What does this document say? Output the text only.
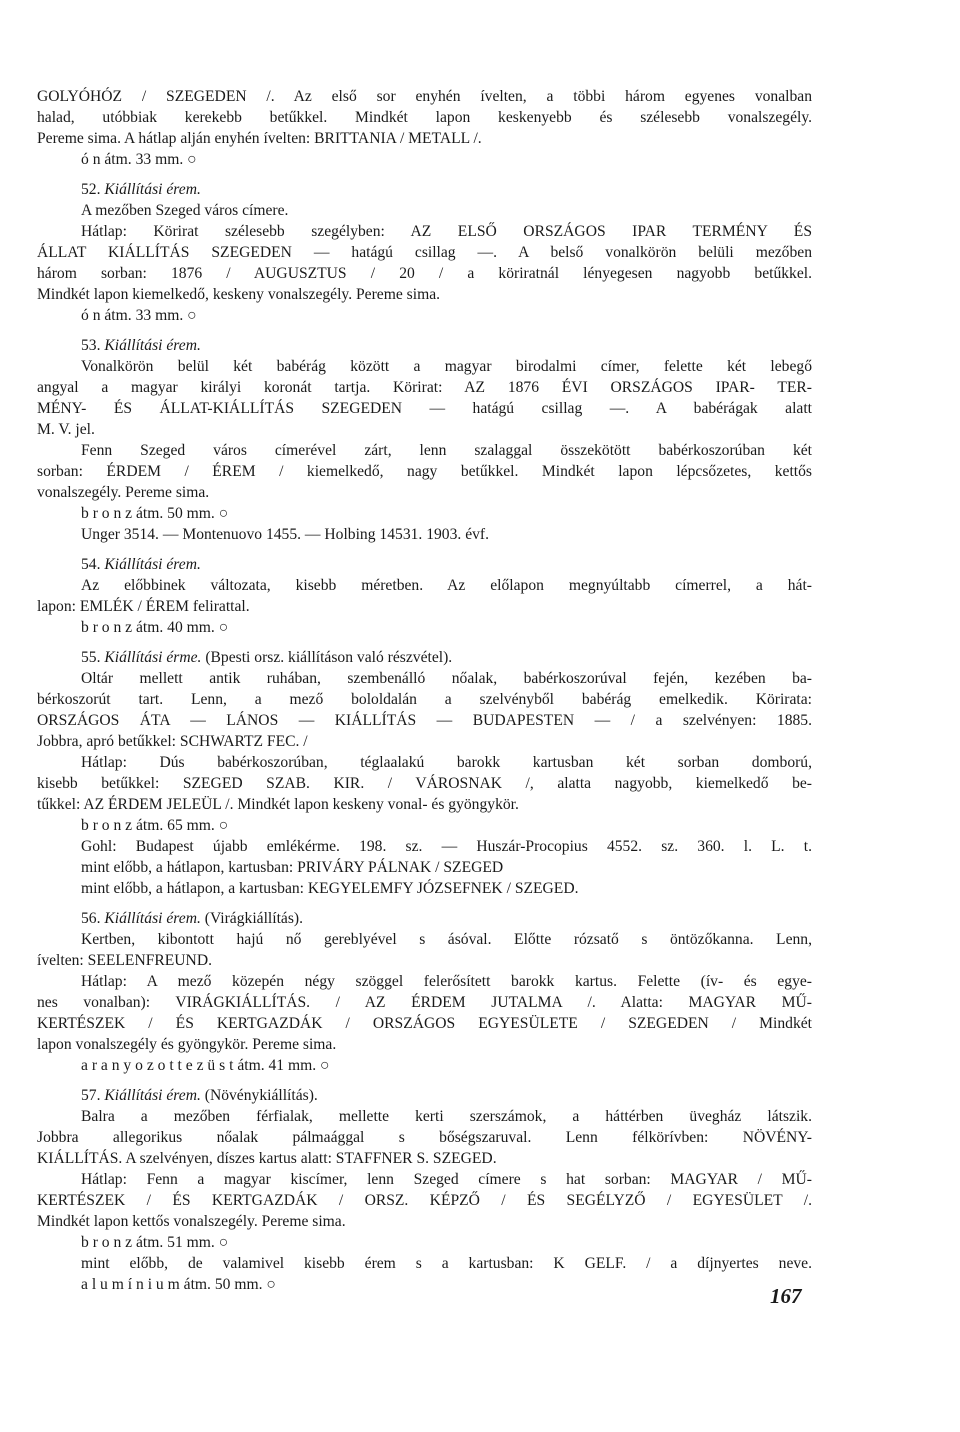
GOLYÓHÓZ / SZEGEDEN /. Az első sor enyhén ívelten, a többi három egyenes vonalban
halad, utóbbiak kerekebb betűkkel. Mindkét lapon keskenyebb és szélesebb vonalszegély.
Pereme sima. A hátlap alján enyhén ívelten: BRITTANIA / METALL /.
ó n átm. 33 mm. ○
52. Kiállítási érem.
A mezőben Szeged város címere.
Hátlap: Körirat szélesebb szegélyben: AZ ELSŐ ORSZÁGOS IPAR TERMÉNY ÉS
ÁLLAT KIÁLLÍTÁS SZEGEDEN — hatágú csillag —. A belső vonalkörön belüli mezőben
három sorban: 1876 / AUGUSZTUS / 20 / a köriratnál lényegesen nagyobb betűkkel.
Mindkét lapon kiemelkedő, keskeny vonalszegély. Pereme sima.
ó n átm. 33 mm. ○
53. Kiállítási érem.
Vonalkörön belül két babérág között a magyar birodalmi címer, felette két lebegő
angyal a magyar királyi koronát tartja. Körirat: AZ 1876 ÉVI ORSZÁGOS IPAR- TER-
MÉNY- ÉS ÁLLAT-KIÁLLÍTÁS SZEGEDEN — hatágú csillag —. A babérágak alatt
M. V. jel.
Fenn Szeged város címerével zárt, lenn szalaggal összekötött babérkoszorúban két
sorban: ÉRDEM / ÉREM / kiemelkedő, nagy betűkkel. Mindkét lapon lépcsőzetes, kettős
vonalszegély. Pereme sima.
b r o n z átm. 50 mm. ○
Unger 3514. — Montenuovo 1455. — Holbing 14531. 1903. évf.
54. Kiállítási érem.
Az előbbinek változata, kisebb méretben. Az előlapon megnyúltabb címerrel, a hát-
lapon: EMLÉK / ÉREM felirattal.
b r o n z átm. 40 mm. ○
55. Kiállítási érme. (Bpesti orsz. kiállításon való részvétel).
Oltár mellett antik ruhában, szembenálló nőalak, babérkoszorúval fején, kezében ba-
bérkoszorút tart. Lenn, a mező bololdalán a szelvényből babérág emelkedik. Körirata:
ORSZÁGOS ÁTA — LÁNOS — KIÁLLÍTÁS — BUDAPESTEN — / a szelvényen: 1885.
Jobbra, apró betűkkel: SCHWARTZ FEC. /
Hátlap: Dús babérkoszorúban, téglaalakú barokk kartusban két sorban domború,
kisebb betűkkel: SZEGED SZAB. KIR. / VÁROSNAK /, alatta nagyobb, kiemelkedő be-
tűkkel: AZ ÉRDEM JELEÜL /. Mindkét lapon keskeny vonal- és gyöngykör.
b r o n z átm. 65 mm. ○
Gohl: Budapest újabb emlékérme. 198. sz. — Huszár-Procopius 4552. sz. 360. l. L. t.
mint előbb, a hátlapon, kartusban: PRIVÁRY PÁLNAK / SZEGED
mint előbb, a hátlapon, a kartusban: KEGYELEMFY JÓZSEFNEK / SZEGED.
56. Kiállítási érem. (Virágkiállítás).
Kertben, kibontott hajú nő gereblyével s ásóval. Előtte rózsatő s öntözőkanna. Lenn,
ívelten: SEELENFREUND.
Hátlap: A mező közepén négy szöggel felerősített barokk kartus. Felette (ív- és egye-
nes vonalban): VIRÁGKIÁLLÍTÁS. / AZ ÉRDEM JUTALMA /. Alatta: MAGYAR MŰ-
KERTÉSZEK / ÉS KERTGAZDÁK / ORSZÁGOS EGYESÜLETE / SZEGEDEN / Mindkét
lapon vonalszegély és gyöngykör. Pereme sima.
a r a n y o z o t t e z ü s t átm. 41 mm. ○
57. Kiállítási érem. (Növénykiállítás).
Balra a mezőben férfialak, mellette kerti szerszámok, a háttérben üvegház látszik.
Jobbra allegorikus nőalak pálmaággal s bőségszaruval. Lenn félkörívben: NÖVÉNY-
KIÁLLÍTÁS. A szelvényen, díszes kartus alatt: STAFFNER S. SZEGED.
Hátlap: Fenn a magyar kiscímer, lenn Szeged címere s hat sorban: MAGYAR / MŰ-
KERTÉSZEK / ÉS KERTGAZDÁK / ORSZ. KÉPZŐ / ÉS SEGÉLYZŐ / EGYESÜLET /.
Mindkét lapon kettős vonalszegély. Pereme sima.
b r o n z átm. 51 mm. ○
mint előbb, de valamivel kisebb érem s a kartusban: K GELF. / a díjnyertes neve.
a l u m í n i u m átm. 50 mm. ○	167
